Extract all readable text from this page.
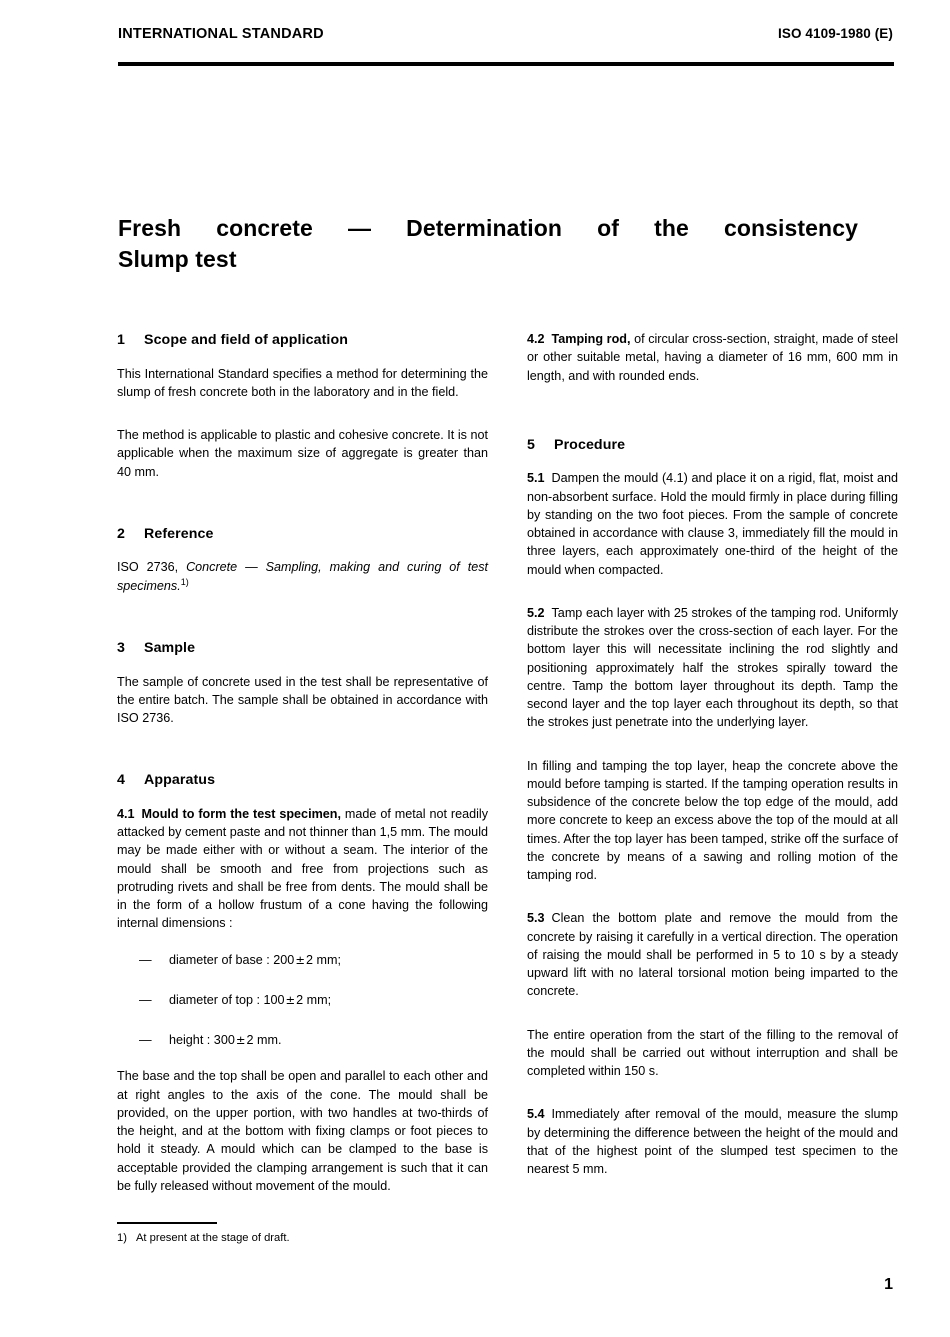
INTERNATIONAL STANDARD	ISO 4109-1980 (E)
Fresh concrete — Determination of the consistency
Slump test
1 Scope and field of application

This International Standard specifies a method for determining the slump of fresh concrete both in the laboratory and in the field.

The method is applicable to plastic and cohesive concrete. It is not applicable when the maximum size of aggregate is greater than 40 mm.

2 Reference

ISO 2736, Concrete — Sampling, making and curing of test specimens.$^{1)}$

3 Sample

The sample of concrete used in the test shall be representative of the entire batch. The sample shall be obtained in accordance with ISO 2736.

4 Apparatus

4.1 Mould to form the test specimen, made of metal not readily attacked by cement paste and not thinner than 1,5 mm. The mould may be made either with or without a seam. The interior of the mould shall be smooth and free from projections such as protruding rivets and shall be free from dents. The mould shall be in the form of a hollow frustum of a cone having the following internal dimensions :

— diameter of base : 200±2 mm;
— diameter of top : 100±2 mm;
— height : 300±2 mm.

The base and the top shall be open and parallel to each other and at right angles to the axis of the cone. The mould shall be provided, on the upper portion, with two handles at two-thirds of the height, and at the bottom with fixing clamps or foot pieces to hold it steady. A mould which can be clamped to the base is acceptable provided the clamping arrangement is such that it can be fully released without movement of the mould.

4.2 Tamping rod, of circular cross-section, straight, made of steel or other suitable metal, having a diameter of 16 mm, 600 mm in length, and with rounded ends.

5 Procedure

5.1 Dampen the mould (4.1) and place it on a rigid, flat, moist and non-absorbent surface. Hold the mould firmly in place during filling by standing on the two foot pieces. From the sample of concrete obtained in accordance with clause 3, immediately fill the mould in three layers, each approximately one-third of the height of the mould when compacted.

5.2 Tamp each layer with 25 strokes of the tamping rod. Uniformly distribute the strokes over the cross-section of each layer. For the bottom layer this will necessitate inclining the rod slightly and positioning approximately half the strokes spirally toward the centre. Tamp the bottom layer throughout its depth. Tamp the second layer and the top layer each throughout its depth, so that the strokes just penetrate into the underlying layer.

In filling and tamping the top layer, heap the concrete above the mould before tamping is started. If the tamping operation results in subsidence of the concrete below the top edge of the mould, add more concrete to keep an excess above the top of the mould at all times. After the top layer has been tamped, strike off the surface of the concrete by means of a sawing and rolling motion of the tamping rod.

5.3 Clean the bottom plate and remove the mould from the concrete by raising it carefully in a vertical direction. The operation of raising the mould shall be performed in 5 to 10 s by a steady upward lift with no lateral torsional motion being imparted to the concrete.

The entire operation from the start of the filling to the removal of the mould shall be carried out without interruption and shall be completed within 150 s.

5.4 Immediately after removal of the mould, measure the slump by determining the difference between the height of the mould and that of the highest point of the slumped test specimen to the nearest 5 mm.

1) At present at the stage of draft.
1
